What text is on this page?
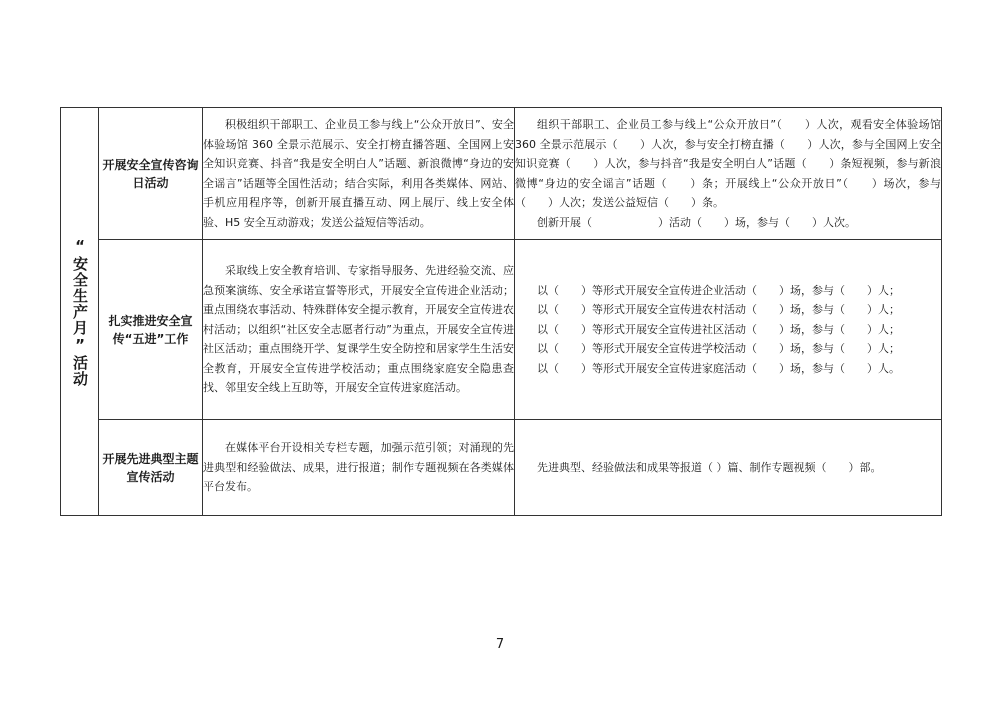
“安全生产月”活动	开展安全宣传咨询日活动	积极组织干部职工、企业员工参与线上“公众开放日”、安全体验场馆 360 全景示范展示、安全打榜直播答题、全国网上安全知识竞赛、抖音“我是安全明白人”话题、新浪微博“身边的安全谣言”话题等全国性活动；结合实际，利用各类媒体、网站、手机应用程序等，创新开展直播互动、网上展厅、线上安全体验、H5 安全互动游戏；发送公益短信等活动。	组织干部职工、企业员工参与线上“公众开放日”（　　）人次，观看安全体验场馆 360 全景示范展示（　　）人次，参与安全打榜直播（　　）人次，参与全国网上安全知识竞赛（　　）人次，参与抖音“我是安全明白人”话题（　　）条短视频，参与新浪微博“身边的安全谣言”话题（　　）条；开展线上“公众开放日”（　　）场次，参与（　　）人次；发送公益短信（　　）条。
创新开展（　　　　　　）活动（　　）场，参与（　　）人次。

	扎实推进安全宣传“五进”工作	采取线上安全教育培训、专家指导服务、先进经验交流、应急预案演练、安全承诺宣誓等形式，开展安全宣传进企业活动；重点围绕农事活动、特殊群体安全提示教育，开展安全宣传进农村活动；以组织“社区安全志愿者行动”为重点，开展安全宣传进社区活动；重点围绕开学、复课学生安全防控和居家学生生活安全教育，开展安全宣传进学校活动；重点围绕家庭安全隐患查找、邻里安全线上互助等，开展安全宣传进家庭活动。	以（　　）等形式开展安全宣传进企业活动（　　）场，参与（　　）人；
以（　　）等形式开展安全宣传进农村活动（　　）场，参与（　　）人；
以（　　）等形式开展安全宣传进社区活动（　　）场，参与（　　）人；
以（　　）等形式开展安全宣传进学校活动（　　）场，参与（　　）人；
以（　　）等形式开展安全宣传进家庭活动（　　）场，参与（　　）人。

	开展先进典型主题宣传活动	在媒体平台开设相关专栏专题，加强示范引领；对涌现的先进典型和经验做法、成果，进行报道；制作专题视频在各类媒体平台发布。	先进典型、经验做法和成果等报道（ ）篇、制作专题视频（　　）部。
7
